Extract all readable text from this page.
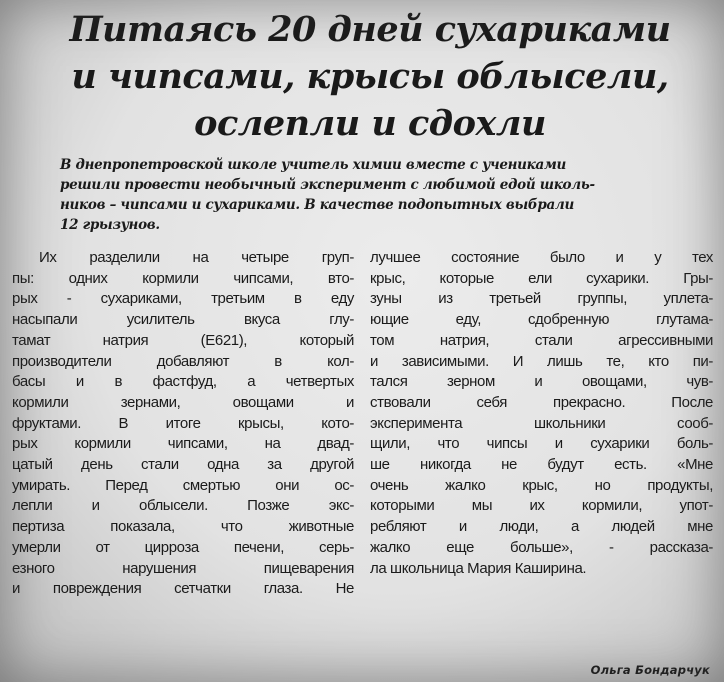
Питаясь 20 дней сухариками
и чипсами, крысы облысели,
ослепли и сдохли

В днепропетровской школе учитель химии вместе с учениками
решили провести необычный эксперимент с любимой едой школь-
ников – чипсами и сухариками. В качестве подопытных выбрали
12 грызунов.

Их разделили на четыре груп-
пы: одних кормили чипсами, вто-
рых - сухариками, третьим в еду
насыпали усилитель вкуса глу-
тамат натрия (Е621), который
производители добавляют в кол-
басы и в фастфуд, а четвертых
кормили зернами, овощами и
фруктами. В итоге крысы, кото-
рых кормили чипсами, на двад-
цатый день стали одна за другой
умирать. Перед смертью они ос-
лепли и облысели. Позже экс-
пертиза показала, что животные
умерли от цирроза печени, серь-
езного нарушения пищеварения
и повреждения сетчатки глаза. Не
лучшее состояние было и у тех
крыс, которые ели сухарики. Гры-
зуны из третьей группы, уплета-
ющие еду, сдобренную глутама-
том натрия, стали агрессивными
и зависимыми. И лишь те, кто пи-
тался зерном и овощами, чув-
ствовали себя прекрасно. После
эксперимента школьники сооб-
щили, что чипсы и сухарики боль-
ше никогда не будут есть. «Мне
очень жалко крыс, но продукты,
которыми мы их кормили, упот-
ребляют и люди, а людей мне
жалко еще больше», - рассказа-
ла школьница Мария Каширина.
Ольга Бондарчук
